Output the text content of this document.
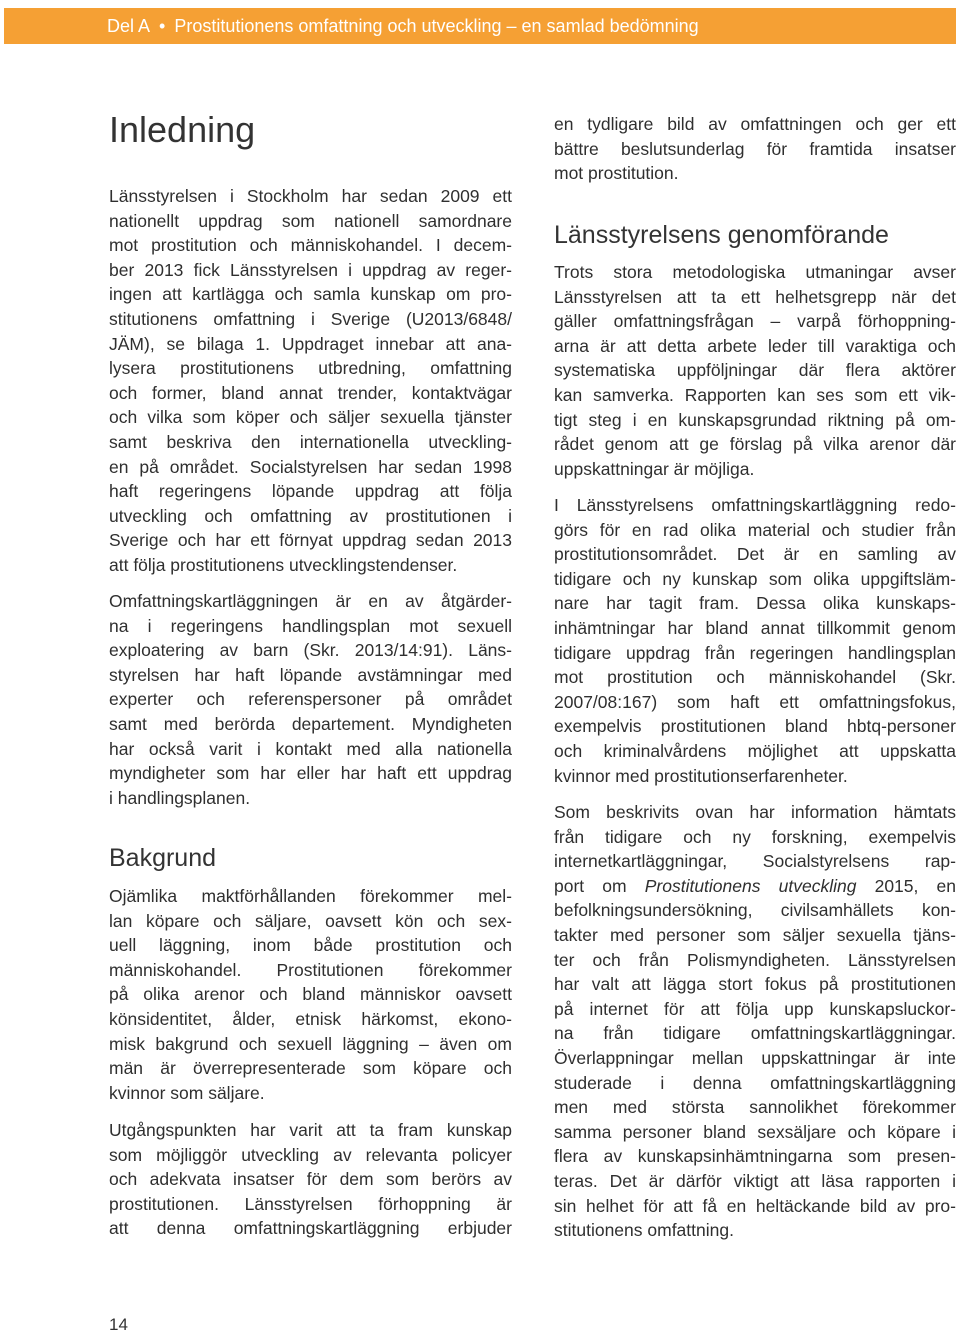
Del A • Prostitutionens omfattning och utveckling – en samlad bedömning
Inledning
Länsstyrelsen i Stockholm har sedan 2009 ett
nationellt uppdrag som nationell samordnare
mot prostitution och människohandel. I decem-
ber 2013 fick Länsstyrelsen i uppdrag av reger-
ingen att kartlägga och samla kunskap om pro-
stitutionens omfattning i Sverige (U2013/6848/
JÄM), se bilaga 1. Uppdraget innebar att ana-
lysera prostitutionens utbredning, omfattning
och former, bland annat trender, kontaktvägar
och vilka som köper och säljer sexuella tjänster
samt beskriva den internationella utveckling-
en på området. Socialstyrelsen har sedan 1998
haft regeringens löpande uppdrag att följa
utveckling och omfattning av prostitutionen i
Sverige och har ett förnyat uppdrag sedan 2013
att följa prostitutionens utvecklingstendenser.
Omfattningskartläggningen är en av åtgärder-
na i regeringens handlingsplan mot sexuell
exploatering av barn (Skr. 2013/14:91). Läns-
styrelsen har haft löpande avstämningar med
experter och referenspersoner på området
samt med berörda departement. Myndigheten
har också varit i kontakt med alla nationella
myndigheter som har eller har haft ett uppdrag
i handlingsplanen.
Bakgrund
Ojämlika maktförhållanden förekommer mel-
lan köpare och säljare, oavsett kön och sex-
uell läggning, inom både prostitution och
människohandel. Prostitutionen förekommer
på olika arenor och bland människor oavsett
könsidentitet, ålder, etnisk härkomst, ekono-
misk bakgrund och sexuell läggning – även om
män är överrepresenterade som köpare och
kvinnor som säljare.
Utgångspunkten har varit att ta fram kunskap
som möjliggör utveckling av relevanta policyer
och adekvata insatser för dem som berörs av
prostitutionen. Länsstyrelsen förhoppning är
att denna omfattningskartläggning erbjuder
en tydligare bild av omfattningen och ger ett
bättre beslutsunderlag för framtida insatser
mot prostitution.
Länsstyrelsens genomförande
Trots stora metodologiska utmaningar avser
Länsstyrelsen att ta ett helhetsgrepp när det
gäller omfattningsfrågan – varpå förhoppning-
arna är att detta arbete leder till varaktiga och
systematiska uppföljningar där flera aktörer
kan samverka. Rapporten kan ses som ett vik-
tigt steg i en kunskapsgrundad riktning på om-
rådet genom att ge förslag på vilka arenor där
uppskattningar är möjliga.
I Länsstyrelsens omfattningskartläggning redo-
görs för en rad olika material och studier från
prostitutionsområdet. Det är en samling av
tidigare och ny kunskap som olika uppgiftsläm-
nare har tagit fram. Dessa olika kunskaps-
inhämtningar har bland annat tillkommit genom
tidigare uppdrag från regeringen handlingsplan
mot prostitution och människohandel (Skr.
2007/08:167) som haft ett omfattningsfokus,
exempelvis prostitutionen bland hbtq-personer
och kriminalvårdens möjlighet att uppskatta
kvinnor med prostitutionserfarenheter.
Som beskrivits ovan har information hämtats
från tidigare och ny forskning, exempelvis
internetkartläggningar, Socialstyrelsens rap-
port om Prostitutionens utveckling 2015, en
befolkningsundersökning, civilsamhällets kon-
takter med personer som säljer sexuella tjäns-
ter och från Polismyndigheten. Länsstyrelsen
har valt att lägga stort fokus på prostitutionen
på internet för att följa upp kunskapsluckor-
na från tidigare omfattningskartläggningar.
Överlappningar mellan uppskattningar är inte
studerade i denna omfattningskartläggning
men med största sannolikhet förekommer
samma personer bland sexsäljare och köpare i
flera av kunskapsinhämtningarna som presen-
teras. Det är därför viktigt att läsa rapporten i
sin helhet för att få en heltäckande bild av pro-
stitutionens omfattning.
14
